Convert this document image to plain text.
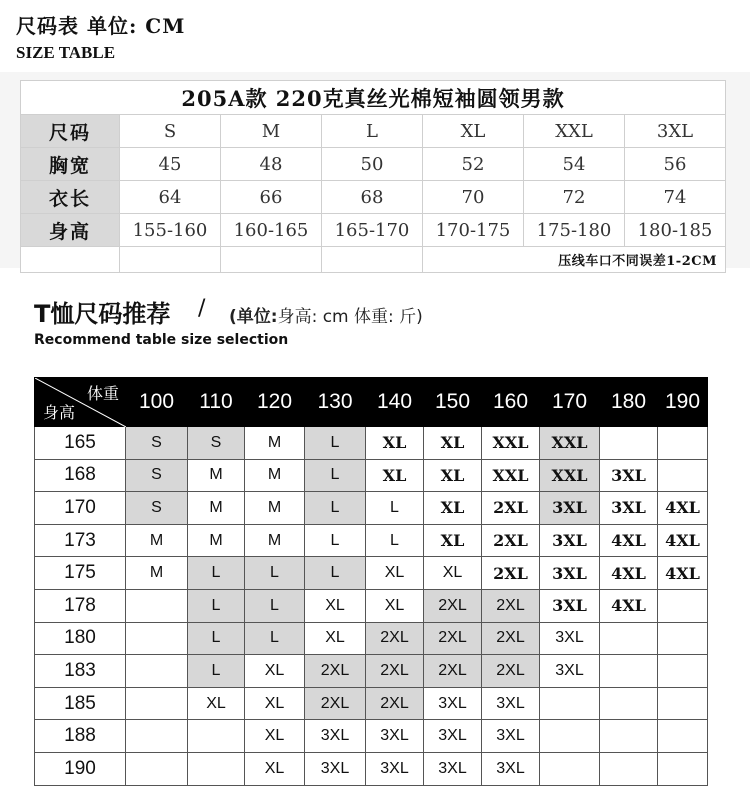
尺码表 单位: CM
SIZE TABLE
205A款 220克真丝光棉短袖圆领男款						
尺码	S	M	L	XL	XXL	3XL
胸宽	45	48	50	52	54	56
衣长	64	66	68	70	72	74
身高	155-160	160-165	165-170	170-175	175-180	180-185
				压线车口不同误差1-2CM		
T恤尺码推荐 / (单位:身高: cm 体重: 斤)
Recommend table size selection
体重
身高	100	110	120	130	140	150	160	170	180	190
165	S	S	M	L	XL	XL	XXL	XXL		
168	S	M	M	L	XL	XL	XXL	XXL	3XL	
170	S	M	M	L	L	XL	2XL	3XL	3XL	4XL
173	M	M	M	L	L	XL	2XL	3XL	4XL	4XL
175	M	L	L	L	XL	XL	2XL	3XL	4XL	4XL
178		L	L	XL	XL	2XL	2XL	3XL	4XL	
180		L	L	XL	2XL	2XL	2XL	3XL		
183		L	XL	2XL	2XL	2XL	2XL	3XL		
185		XL	XL	2XL	2XL	3XL	3XL			
188			XL	3XL	3XL	3XL	3XL			
190			XL	3XL	3XL	3XL	3XL			
